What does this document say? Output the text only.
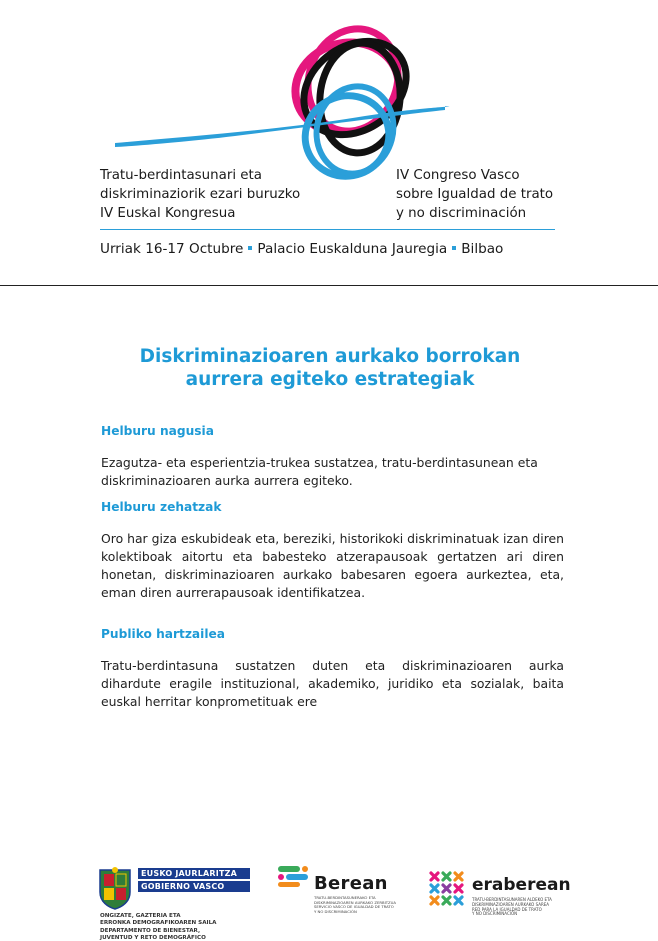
Tratu-berdintasunari eta
diskriminaziorik ezari buruzko
IV Euskal Kongresua
IV Congreso Vasco
sobre Igualdad de trato
y no discriminación
Urriak 16-17 Octubre Palacio Euskalduna Jauregia Bilbao
Diskriminazioaren aurkako borrokan
aurrera egiteko estrategiak
Helburu nagusia
Ezagutza- eta esperientzia-trukea sustatzea, tratu-berdintasunean eta
diskriminazioaren aurka aurrera egiteko.
Helburu zehatzak
Oro har giza eskubideak eta, bereziki, historikoki diskriminatuak izan diren
kolektiboak aitortu eta babesteko atzerapausoak gertatzen ari diren
honetan, diskriminazioaren aurkako babesaren egoera aurkeztea, eta,
eman diren aurrerapausoak identifikatzea.
Publiko hartzailea
Tratu-berdintasuna sustatzen duten eta diskriminazioaren aurka
dihardute eragile instituzional, akademiko, juridiko eta sozialak, baita
euskal herritar konprometituak ere
EUSKO JAURLARITZA
GOBIERNO VASCO
ONGIZATE, GAZTERIA ETA
ERRONKA DEMOGRAFIKOAREN SAILA
DEPARTAMENTO DE BIENESTAR,
JUVENTUD Y RETO DEMOGRÁFICO
Berean
TRATU-BERDINTASUNERAKO ETA
DISKRIMINAZIOAREN AURKAKO ZERBITZUA
SERVICIO VASCO DE IGUALDAD DE TRATO
Y NO DISCRIMINACIÓN
eraberean
TRATU-BERDINTASUNAREN ALDEKO ETA
DISKRIMINAZIOAREN AURKAKO SAREA
RED PARA LA IGUALDAD DE TRATO
Y NO DISCRIMINACIÓN
